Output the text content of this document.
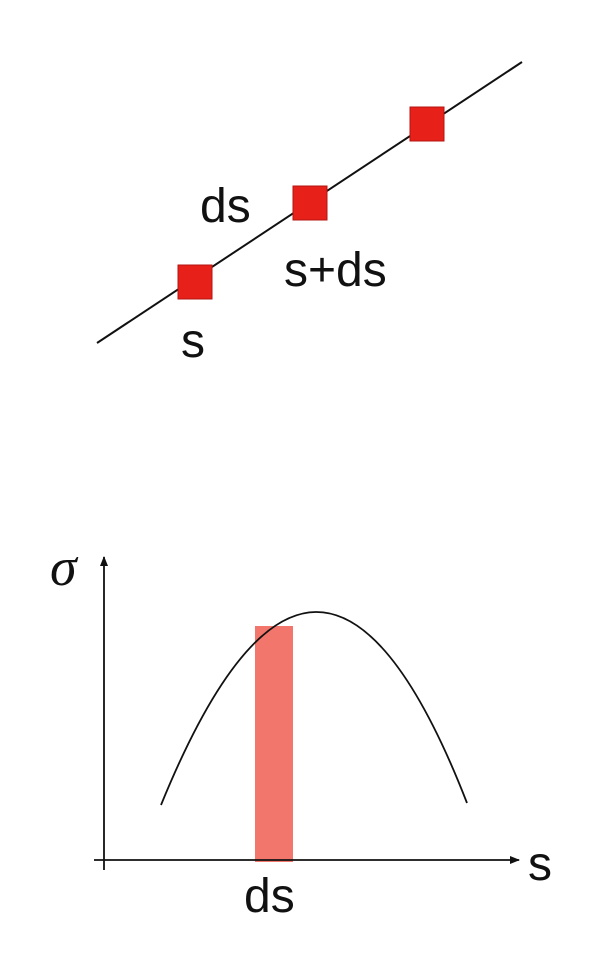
ds
s+ds
s
σ
s
ds
